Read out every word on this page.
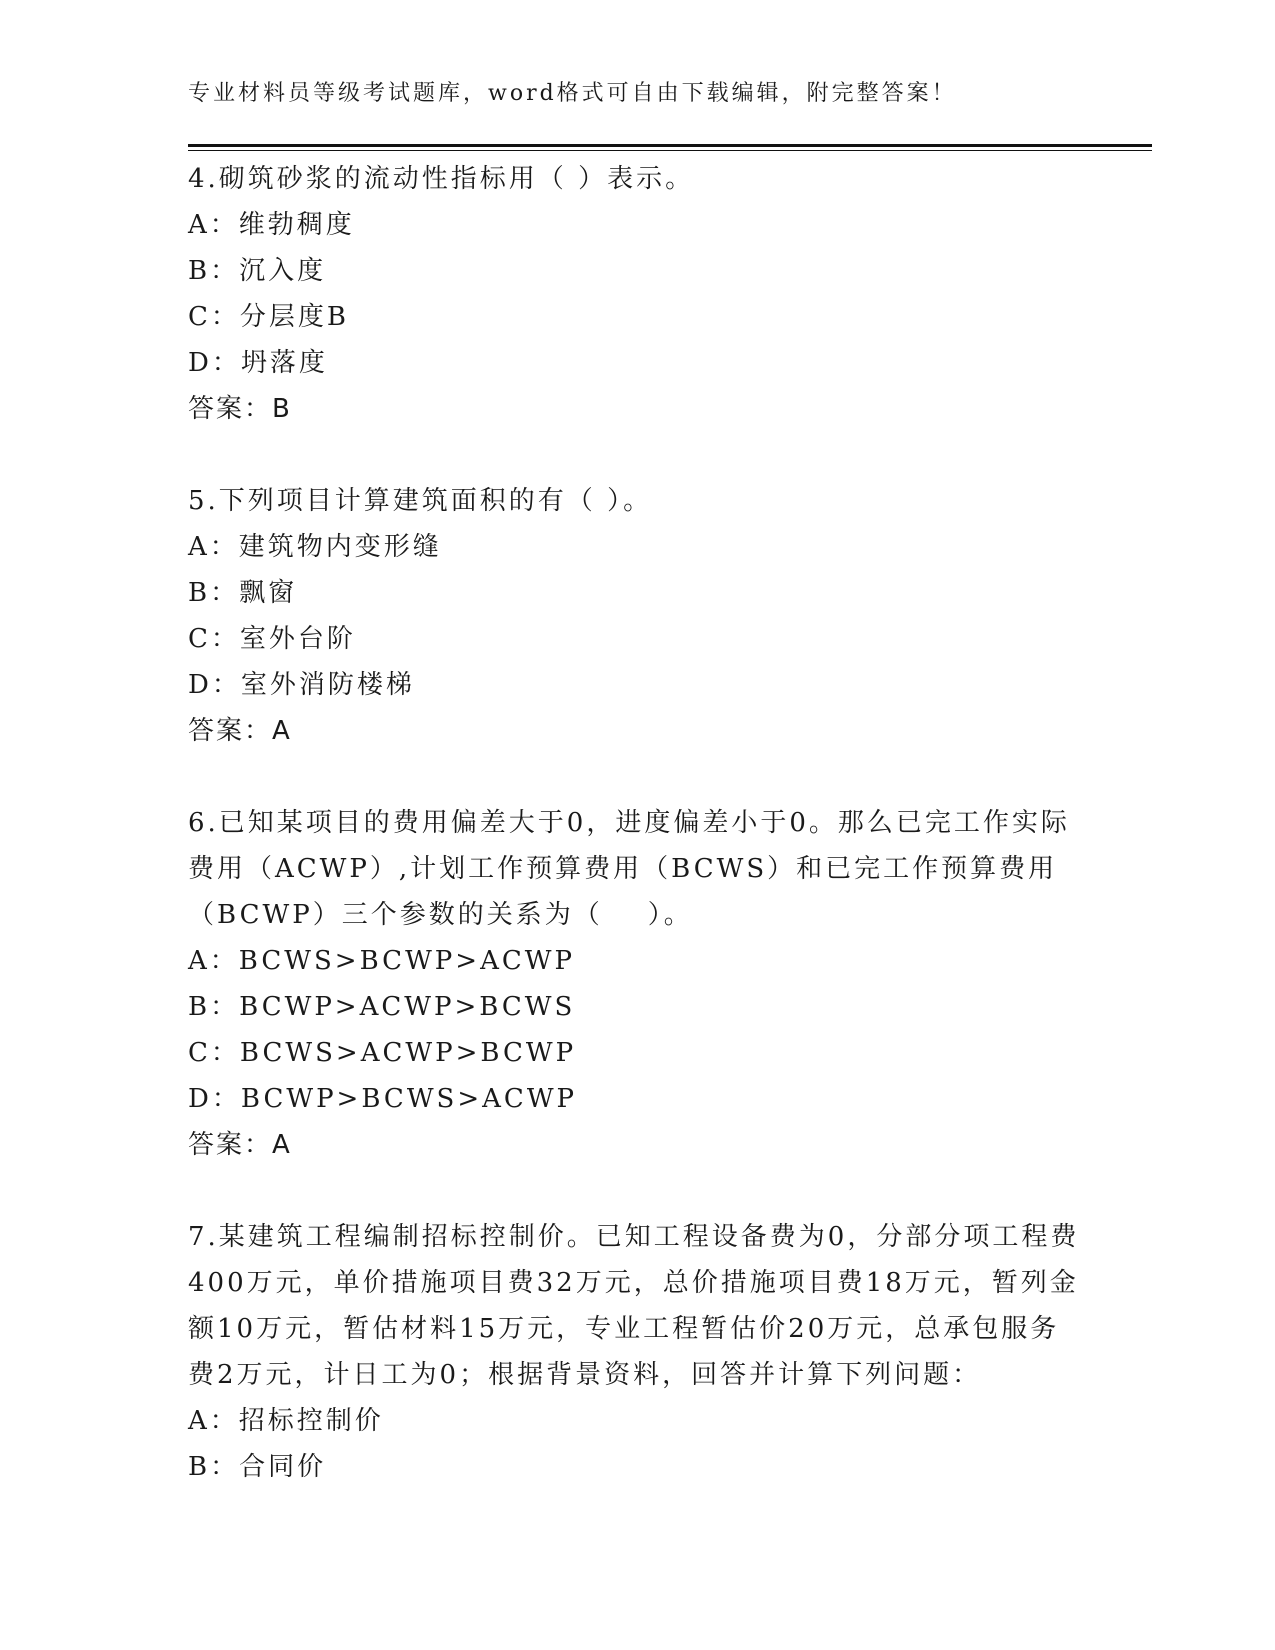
专业材料员等级考试题库，word格式可自由下载编辑，附完整答案！

4.砌筑砂浆的流动性指标用（ ）表示。

A：维勃稠度

B：沉入度

C：分层度B

D：坍落度

答案：B

5.下列项目计算建筑面积的有（ ）。

A：建筑物内变形缝

B：飘窗

C：室外台阶

D：室外消防楼梯

答案：A

6.已知某项目的费用偏差大于0，进度偏差小于0。那么已完工作实际费用（ACWP）,计划工作预算费用（BCWS）和已完工作预算费用（BCWP）三个参数的关系为（    ）。

A：BCWS>BCWP>ACWP

B：BCWP>ACWP>BCWS

C：BCWS>ACWP>BCWP

D：BCWP>BCWS>ACWP

答案：A

7.某建筑工程编制招标控制价。已知工程设备费为0，分部分项工程费400万元，单价措施项目费32万元，总价措施项目费18万元，暂列金额10万元，暂估材料15万元，专业工程暂估价20万元，总承包服务费2万元，计日工为0；根据背景资料，回答并计算下列问题：

A：招标控制价

B：合同价
